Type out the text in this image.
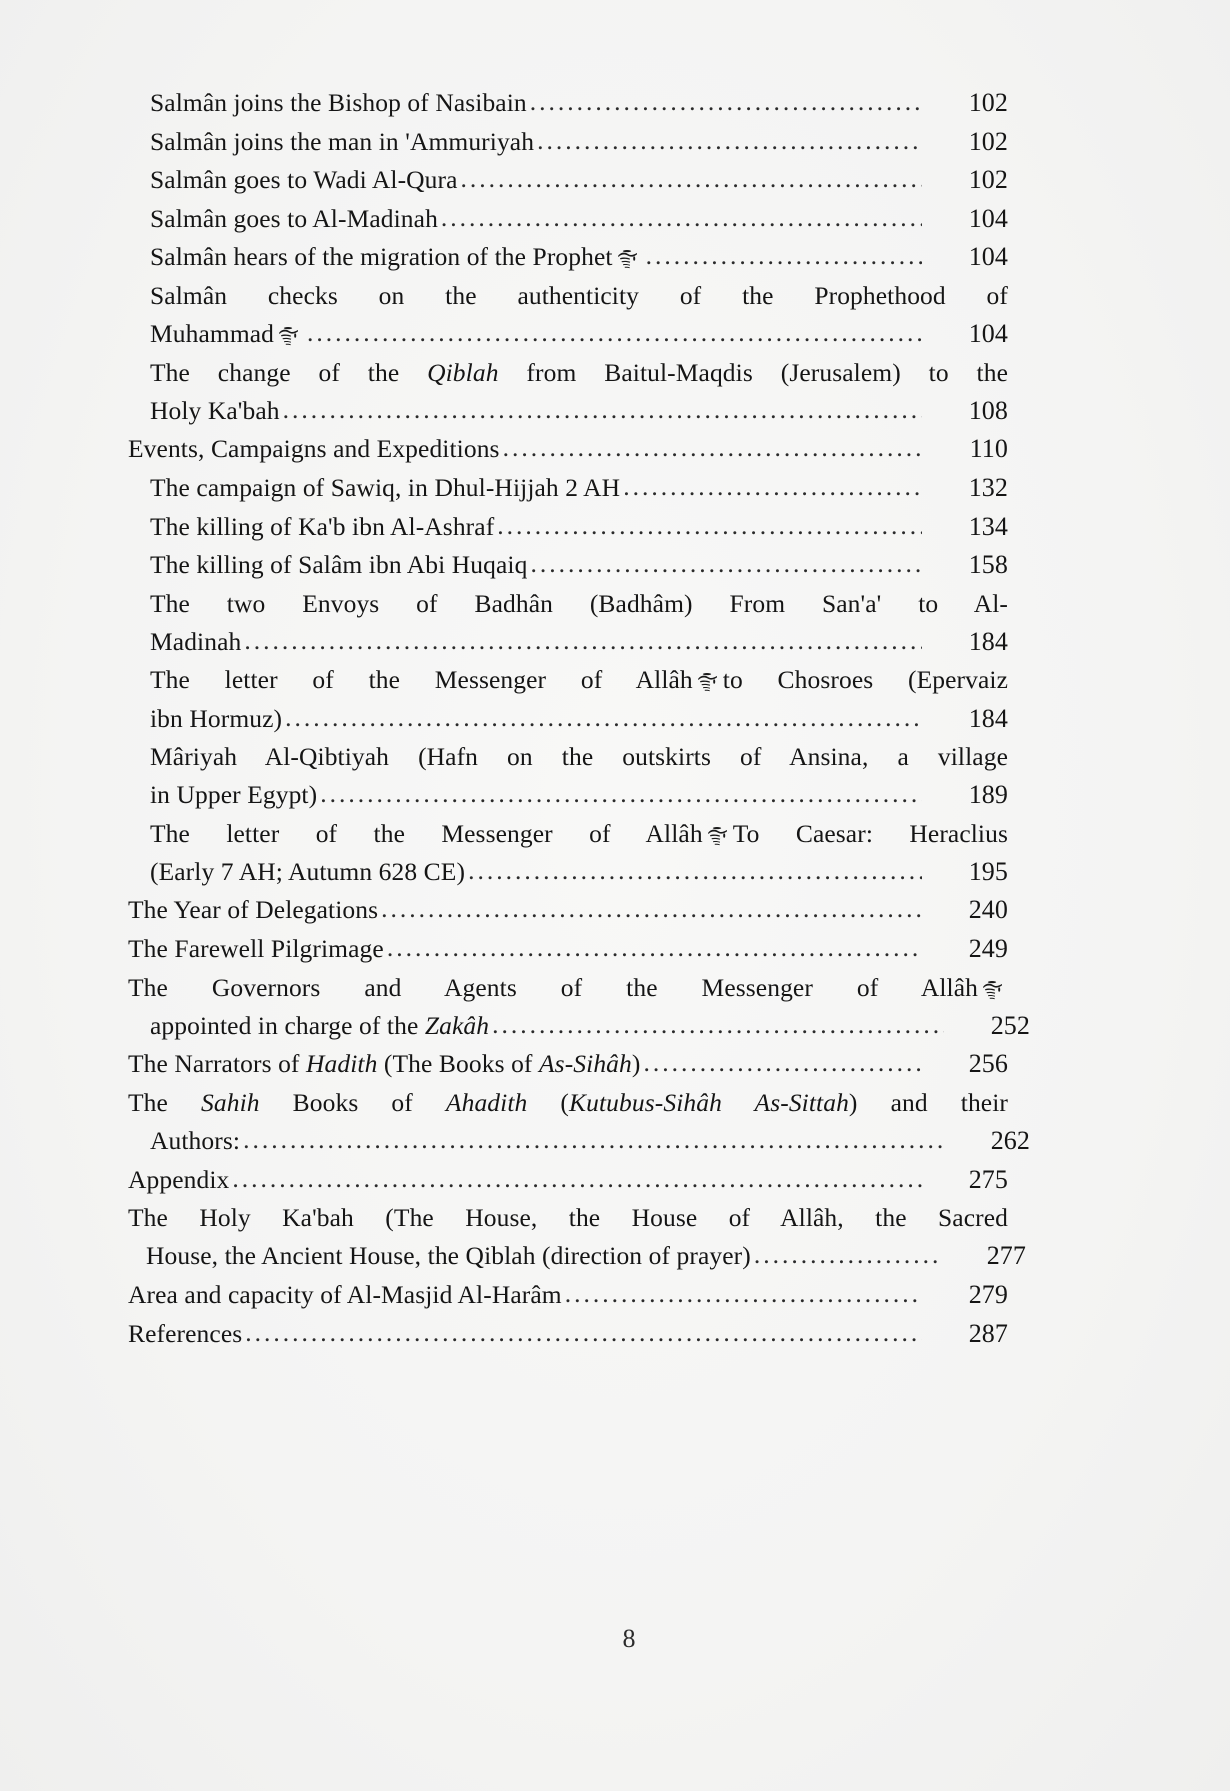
Salmân joins the Bishop of Nasibain .....	102
Salmân joins the man in 'Ammuriyah .....	102
Salmân goes to Wadi Al-Qura .....	102
Salmân goes to Al-Madinah .....	104
Salmân hears of the migration of the Prophet .....	104
Salmân checks on the authenticity of the Prophethood of
Muhammad .....	104
The change of the Qiblah from Baitul-Maqdis (Jerusalem) to the
Holy Ka'bah .....	108
Events, Campaigns and Expeditions .....	110
The campaign of Sawiq, in Dhul-Hijjah 2 AH .....	132
The killing of Ka'b ibn Al-Ashraf .....	134
The killing of Salâm ibn Abi Huqaiq .....	158
The two Envoys of Badhân (Badhâm) From San'a' to Al-
Madinah .....	184
The letter of the Messenger of Allâh to Chosroes (Epervaiz
ibn Hormuz) .....	184
Mâriyah Al-Qibtiyah (Hafn on the outskirts of Ansina, a village
in Upper Egypt) .....	189
The letter of the Messenger of Allâh To Caesar: Heraclius
(Early 7 AH; Autumn 628 CE) .....	195
The Year of Delegations .....	240
The Farewell Pilgrimage .....	249
The Governors and Agents of the Messenger of Allâh
appointed in charge of the Zakâh .....	252
The Narrators of Hadith (The Books of As-Sihâh) .....	256
The Sahih Books of Ahadith (Kutubus-Sihâh As-Sittah) and their
Authors: .....	262
Appendix .....	275
The Holy Ka'bah (The House, the House of Allâh, the Sacred
House, the Ancient House, the Qiblah (direction of prayer) .....	277
Area and capacity of Al-Masjid Al-Harâm .....	279
References .....	287
8
